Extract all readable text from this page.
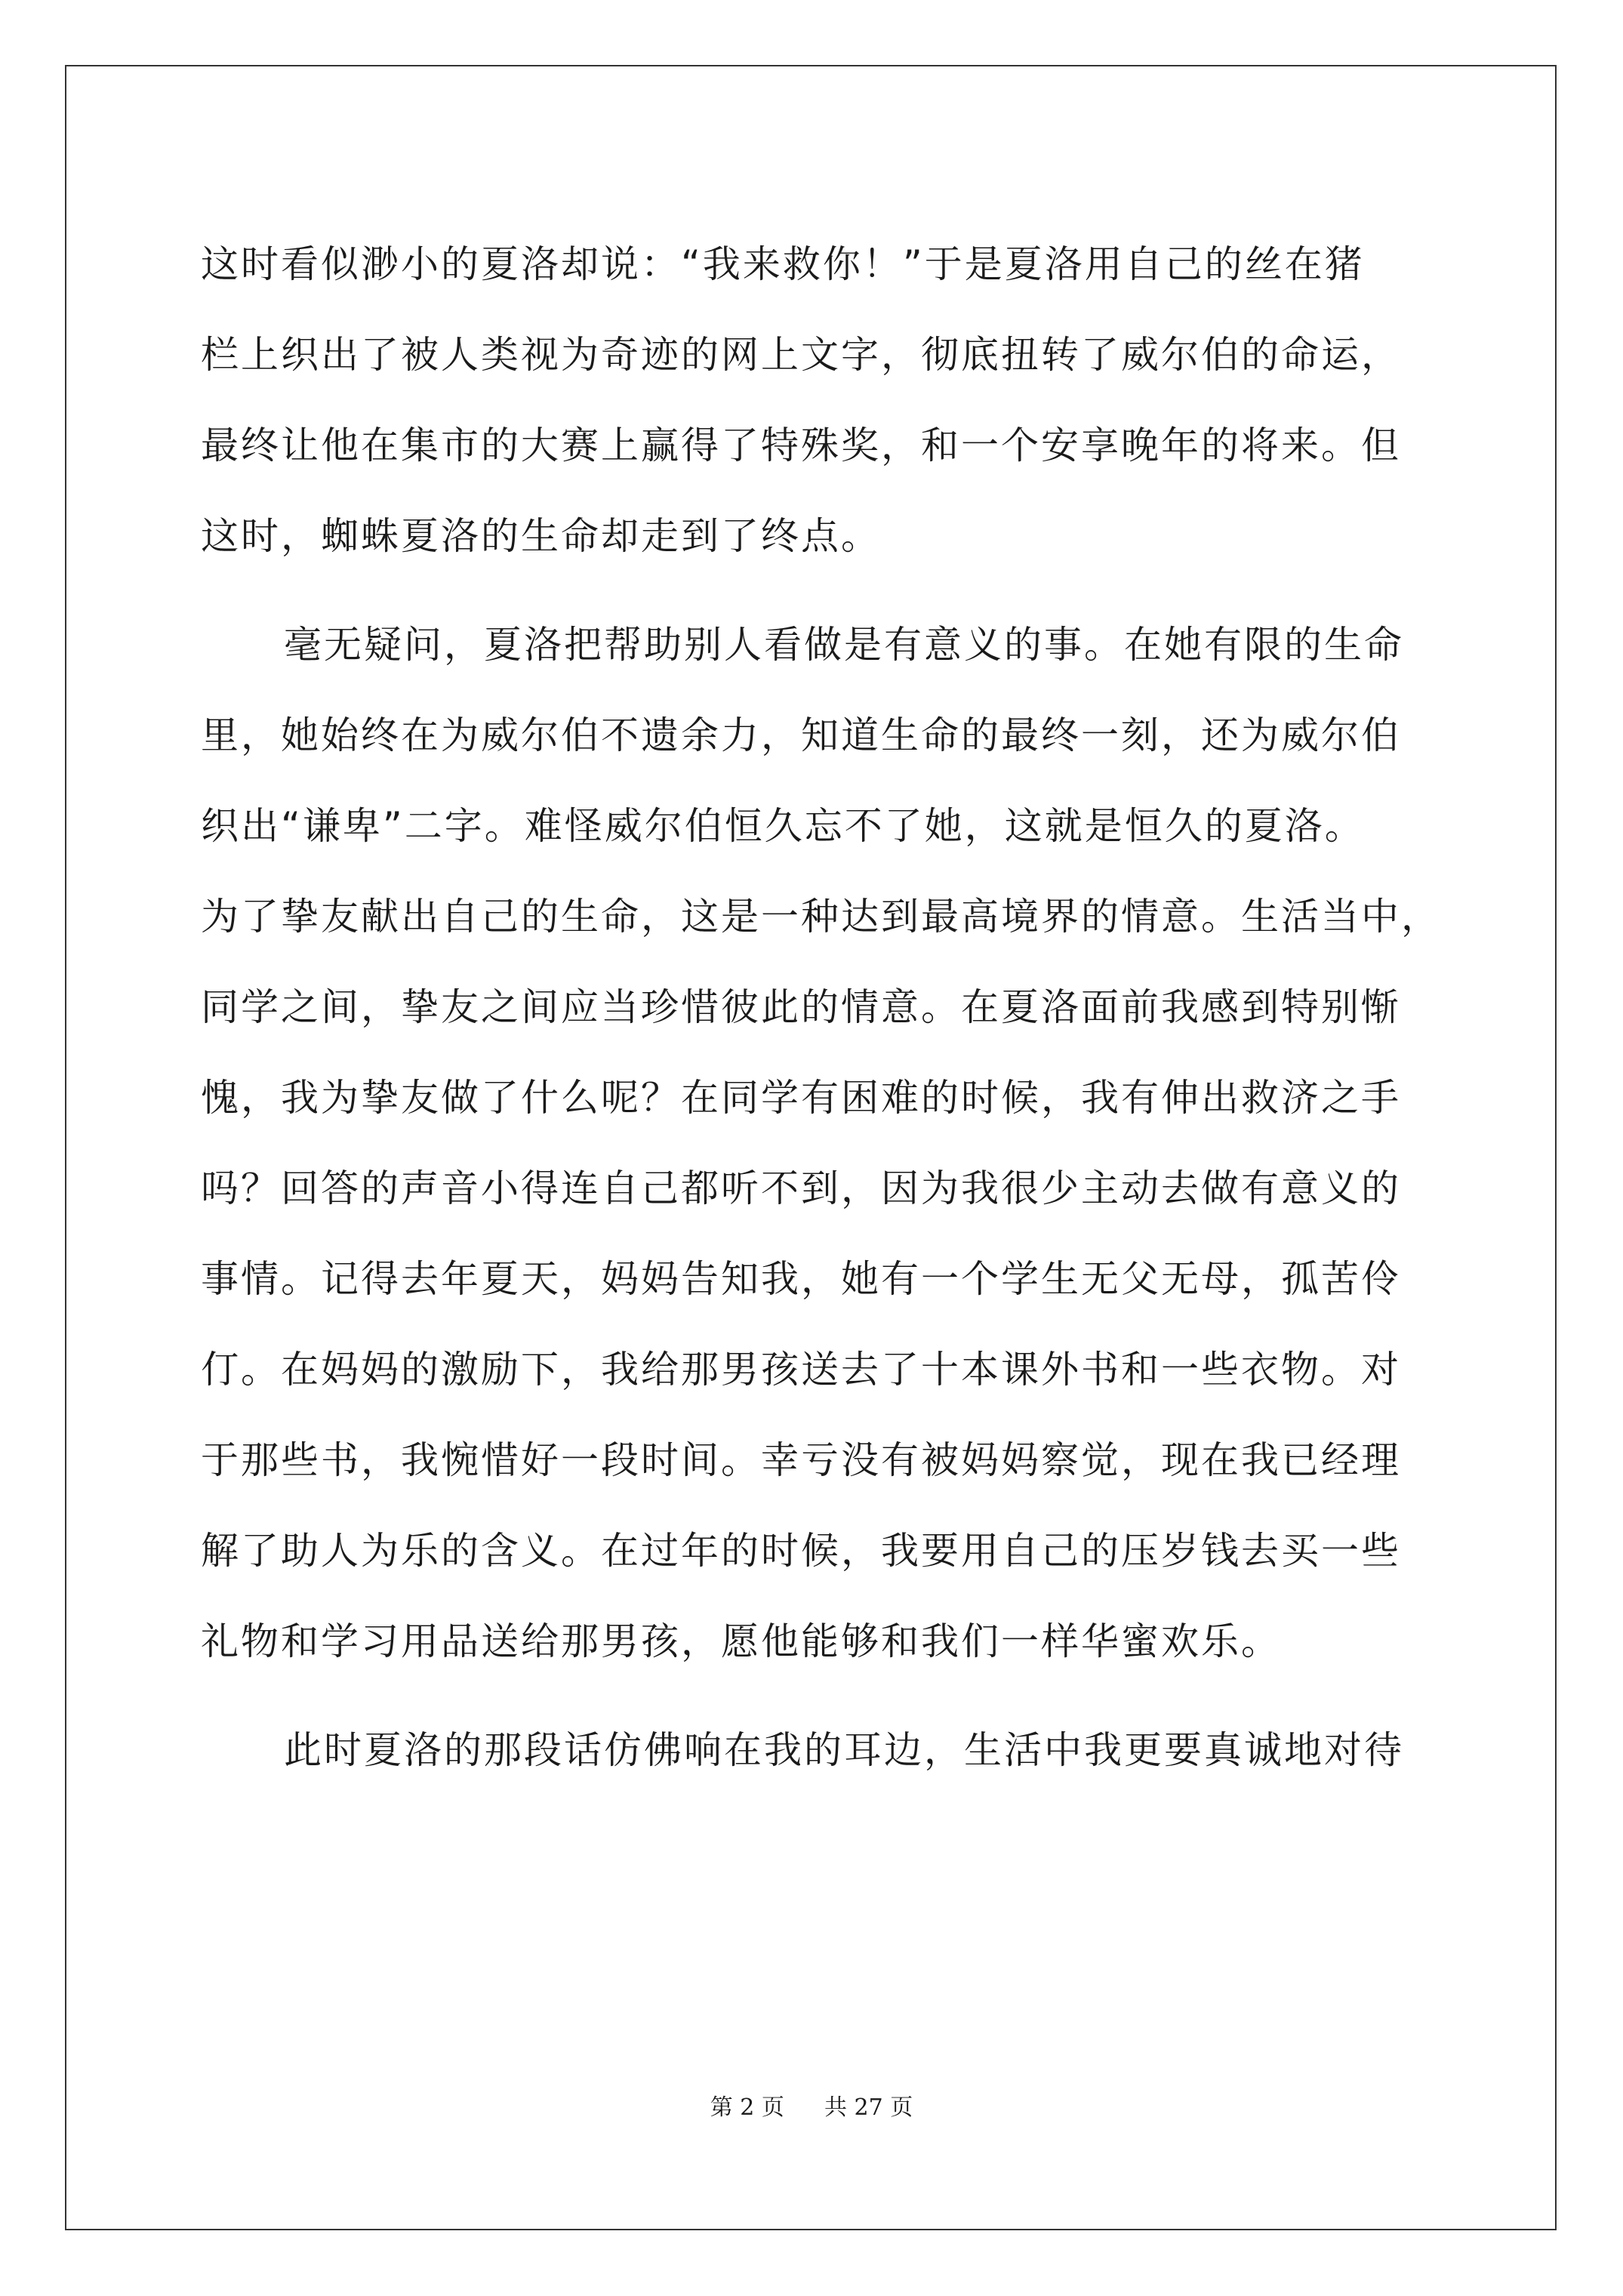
这时看似渺小的夏洛却说：“我来救你！”于是夏洛用自己的丝在猪
栏上织出了被人类视为奇迹的网上文字，彻底扭转了威尔伯的命运，
最终让他在集市的大赛上赢得了特殊奖，和一个安享晚年的将来。但
这时，蜘蛛夏洛的生命却走到了终点。
毫无疑问，夏洛把帮助别人看做是有意义的事。在她有限的生命
里，她始终在为威尔伯不遗余力，知道生命的最终一刻，还为威尔伯
织出“谦卑”二字。难怪威尔伯恒久忘不了她，这就是恒久的夏洛。
为了挚友献出自己的生命，这是一种达到最高境界的情意。生活当中，
同学之间，挚友之间应当珍惜彼此的情意。在夏洛面前我感到特别惭
愧，我为挚友做了什么呢？在同学有困难的时候，我有伸出救济之手
吗？回答的声音小得连自己都听不到，因为我很少主动去做有意义的
事情。记得去年夏天，妈妈告知我，她有一个学生无父无母，孤苦伶
仃。在妈妈的激励下，我给那男孩送去了十本课外书和一些衣物。对
于那些书，我惋惜好一段时间。幸亏没有被妈妈察觉，现在我已经理
解了助人为乐的含义。在过年的时候，我要用自己的压岁钱去买一些
礼物和学习用品送给那男孩，愿他能够和我们一样华蜜欢乐。
此时夏洛的那段话仿佛响在我的耳边，生活中我更要真诚地对待
第 2 页 共 27 页
